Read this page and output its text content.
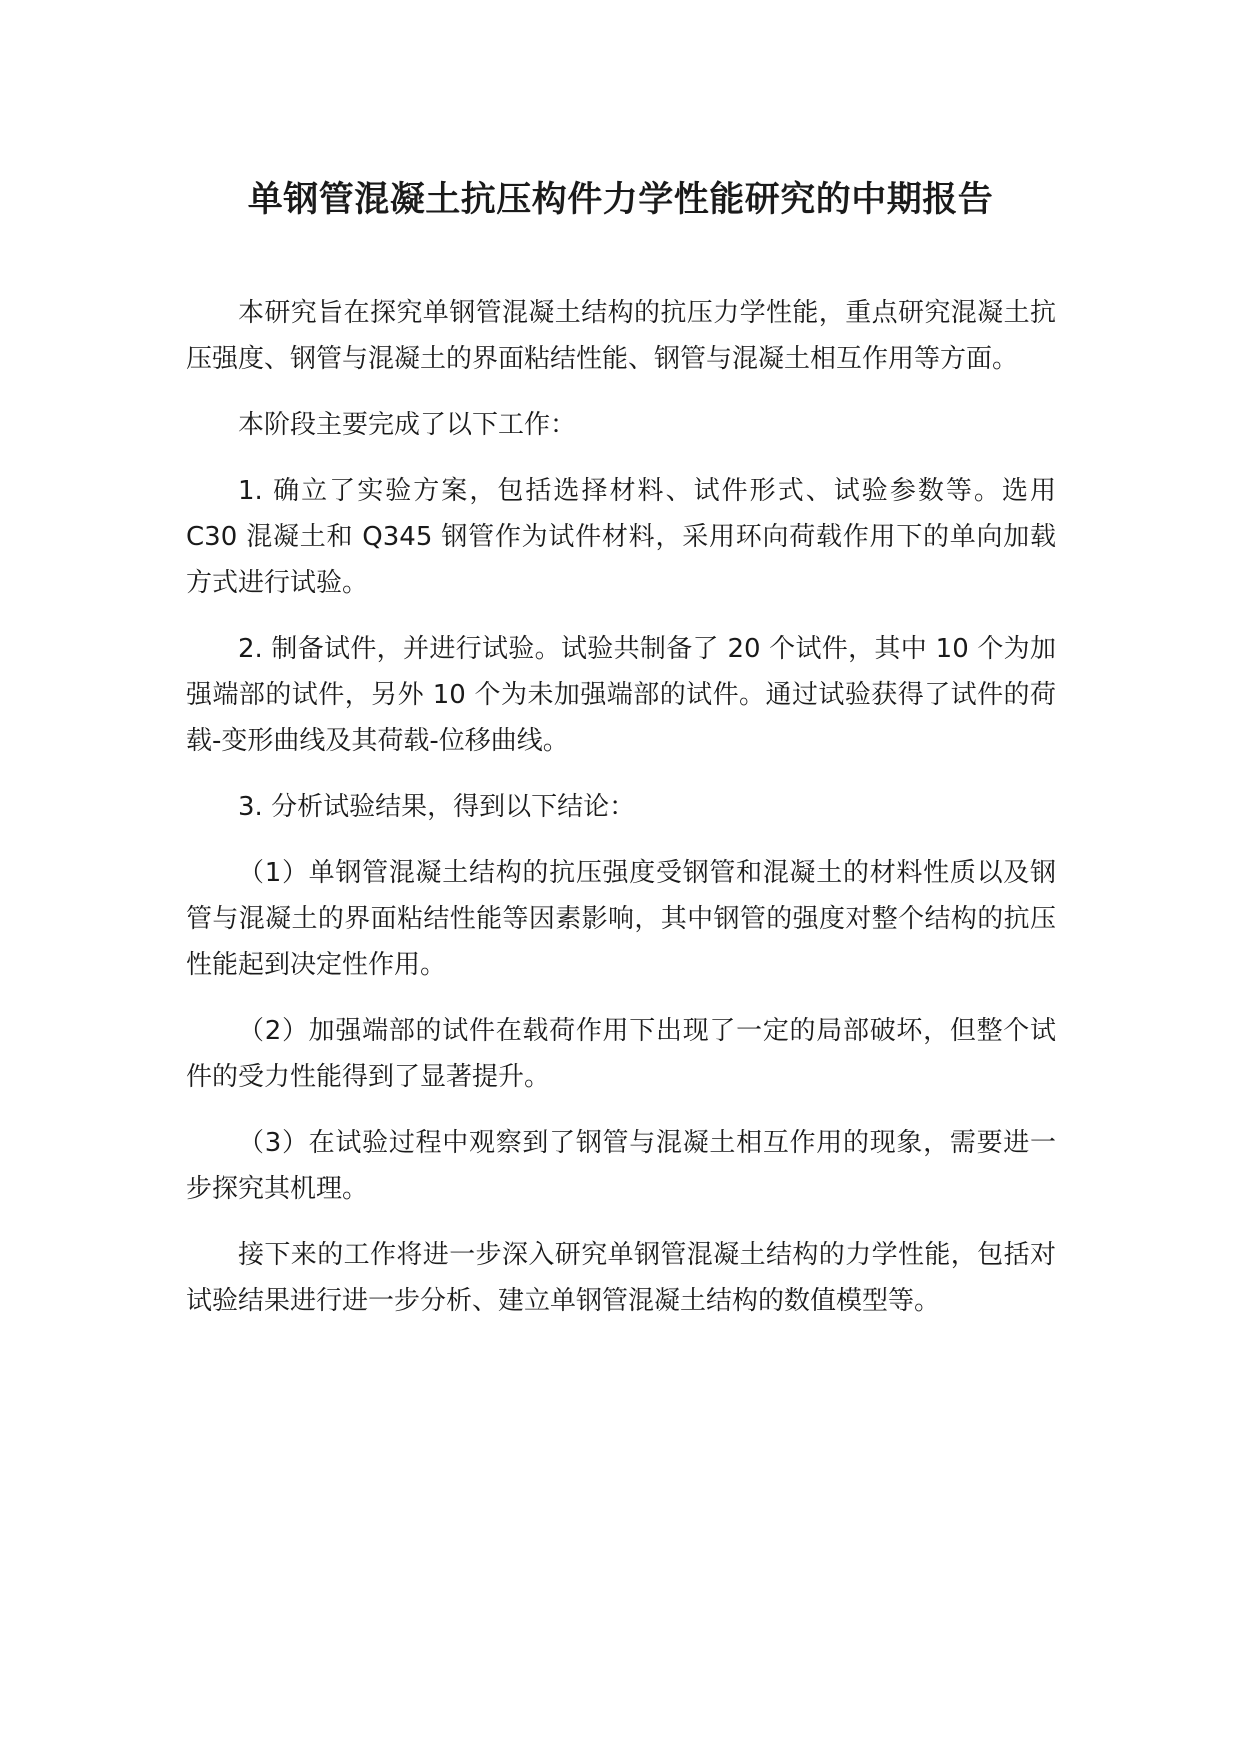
单钢管混凝土抗压构件力学性能研究的中期报告

本研究旨在探究单钢管混凝土结构的抗压力学性能，重点研究混凝土抗压强度、钢管与混凝土的界面粘结性能、钢管与混凝土相互作用等方面。

本阶段主要完成了以下工作：

1. 确立了实验方案，包括选择材料、试件形式、试验参数等。选用 C30 混凝土和 Q345 钢管作为试件材料，采用环向荷载作用下的单向加载方式进行试验。

2. 制备试件，并进行试验。试验共制备了 20 个试件，其中 10 个为加强端部的试件，另外 10 个为未加强端部的试件。通过试验获得了试件的荷载-变形曲线及其荷载-位移曲线。

3. 分析试验结果，得到以下结论：

（1）单钢管混凝土结构的抗压强度受钢管和混凝土的材料性质以及钢管与混凝土的界面粘结性能等因素影响，其中钢管的强度对整个结构的抗压性能起到决定性作用。

（2）加强端部的试件在载荷作用下出现了一定的局部破坏，但整个试件的受力性能得到了显著提升。

（3）在试验过程中观察到了钢管与混凝土相互作用的现象，需要进一步探究其机理。

接下来的工作将进一步深入研究单钢管混凝土结构的力学性能，包括对试验结果进行进一步分析、建立单钢管混凝土结构的数值模型等。
